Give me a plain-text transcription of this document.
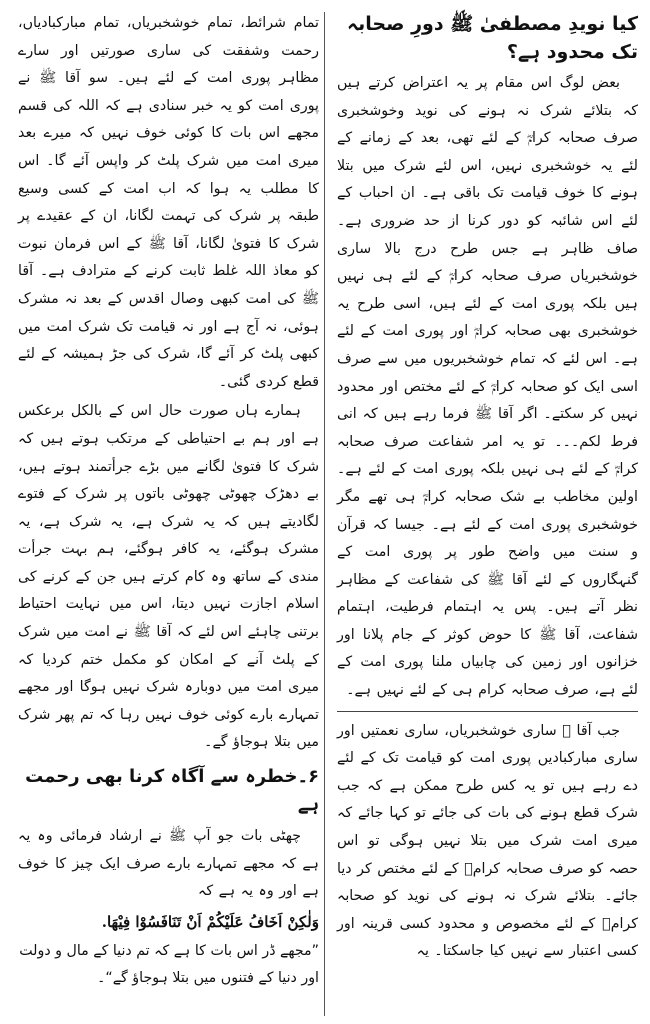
کیا نویدِ مصطفیٰ ﷺ دورِ صحابہ تک محدود ہے؟

بعض لوگ اس مقام پر یہ اعتراض کرتے ہیں کہ بتلائے شرک نہ ہونے کی نوید وخوشخبری صرف صحابہ کرامؓ کے لئے تھی، بعد کے زمانے کے لئے یہ خوشخبری نہیں، اس لئے شرک میں بتلا ہونے کا خوف قیامت تک باقی ہے۔ ان احباب کے لئے اس شائبہ کو دور کرنا از حد ضروری ہے۔ صاف ظاہر ہے جس طرح درج بالا ساری خوشخبریاں صرف صحابہ کرامؓ کے لئے ہی نہیں ہیں بلکہ پوری امت کے لئے ہیں، اسی طرح یہ خوشخبری بھی صحابہ کرامؓ اور پوری امت کے لئے ہے۔ اس لئے کہ تمام خوشخبریوں میں سے صرف اسی ایک کو صحابہ کرامؓ کے لئے مختص اور محدود نہیں کر سکتے۔ اگر آقا ﷺ فرما رہے ہیں کہ انی فرط لکم۔۔۔ تو یہ امر شفاعت صرف صحابہ کرامؓ کے لئے ہی نہیں بلکہ پوری امت کے لئے ہے۔ اولین مخاطب بے شک صحابہ کرامؓ ہی تھے مگر خوشخبری پوری امت کے لئے ہے۔ جیسا کہ قرآن و سنت میں واضح طور پر پوری امت کے گنہگاروں کے لئے آقا ﷺ کی شفاعت کے مظاہر نظر آتے ہیں۔ پس یہ اہتمام فرطیت، اہتمام شفاعت، آقا ﷺ کا حوض کوثر کے جام پلانا اور خزانوں اور زمین کی چابیاں ملنا پوری امت کے لئے ہے، صرف صحابہ کرام ہی کے لئے نہیں ہے۔

جب آقا ﷺ ساری خوشخبریاں، ساری نعمتیں اور ساری مبارکبادیں پوری امت کو قیامت تک کے لئے دے رہے ہیں تو یہ کس طرح ممکن ہے کہ جب شرک قطع ہونے کی بات کی جائے تو کہا جائے کہ میری امت شرک میں بتلا نہیں ہوگی تو اس حصہ کو صرف صحابہ کرامؓ کے لئے مختص کر دیا جائے۔ بتلائے شرک نہ ہونے کی نوید کو صحابہ کرامؓ کے لئے مخصوص و محدود کسی قرینہ اور کسی اعتبار سے نہیں کیا جاسکتا۔ یہ

تمام شرائط، تمام خوشخبریاں، تمام مبارکبادیاں، رحمت وشفقت کی ساری صورتیں اور سارے مظاہر پوری امت کے لئے ہیں۔ سو آقا ﷺ نے پوری امت کو یہ خبر سنادی ہے کہ اللہ کی قسم مجھے اس بات کا کوئی خوف نہیں کہ میرے بعد میری امت میں شرک پلٹ کر واپس آئے گا۔ اس کا مطلب یہ ہوا کہ اب امت کے کسی وسیع طبقہ پر شرک کی تہمت لگانا، ان کے عقیدے پر شرک کا فتویٰ لگانا، آقا ﷺ کے اس فرمان نبوت کو معاذ اللہ غلط ثابت کرنے کے مترادف ہے۔ آقا ﷺ کی امت کبھی وصال اقدس کے بعد نہ مشرک ہوئی، نہ آج ہے اور نہ قیامت تک شرک امت میں کبھی پلٹ کر آئے گا، شرک کی جڑ ہمیشہ کے لئے قطع کردی گئی۔

ہمارے ہاں صورت حال اس کے بالکل برعکس ہے اور ہم بے احتیاطی کے مرتکب ہوتے ہیں کہ شرک کا فتویٰ لگانے میں بڑے جرأتمند ہوتے ہیں، بے دھڑک چھوٹی چھوٹی باتوں پر شرک کے فتوے لگادیتے ہیں کہ یہ شرک ہے، یہ شرک ہے، یہ مشرک ہوگئے، یہ کافر ہوگئے، ہم بہت جرأت مندی کے ساتھ وہ کام کرتے ہیں جن کے کرنے کی اسلام اجازت نہیں دیتا، اس میں نہایت احتیاط برتنی چاہئے اس لئے کہ آقا ﷺ نے امت میں شرک کے پلٹ آنے کے امکان کو مکمل ختم کردیا کہ میری امت میں دوبارہ شرک نہیں ہوگا اور مجھے تمہارے بارے کوئی خوف نہیں رہا کہ تم پھر شرک میں بتلا ہوجاؤ گے۔

۶۔خطرہ سے آگاہ کرنا بھی رحمت ہے

چھٹی بات جو آپ ﷺ نے ارشاد فرمائی وہ یہ ہے کہ مجھے تمہارے بارے صرف ایک چیز کا خوف ہے اور وہ یہ ہے کہ

وَلٰكِنْ اَخَافُ عَلَيْكُمْ اَنْ تَنَافَسُوْا فِيْهَا.

”مجھے ڈر اس بات کا ہے کہ تم دنیا کے مال و دولت اور دنیا کے فتنوں میں بتلا ہوجاؤ گے“۔
